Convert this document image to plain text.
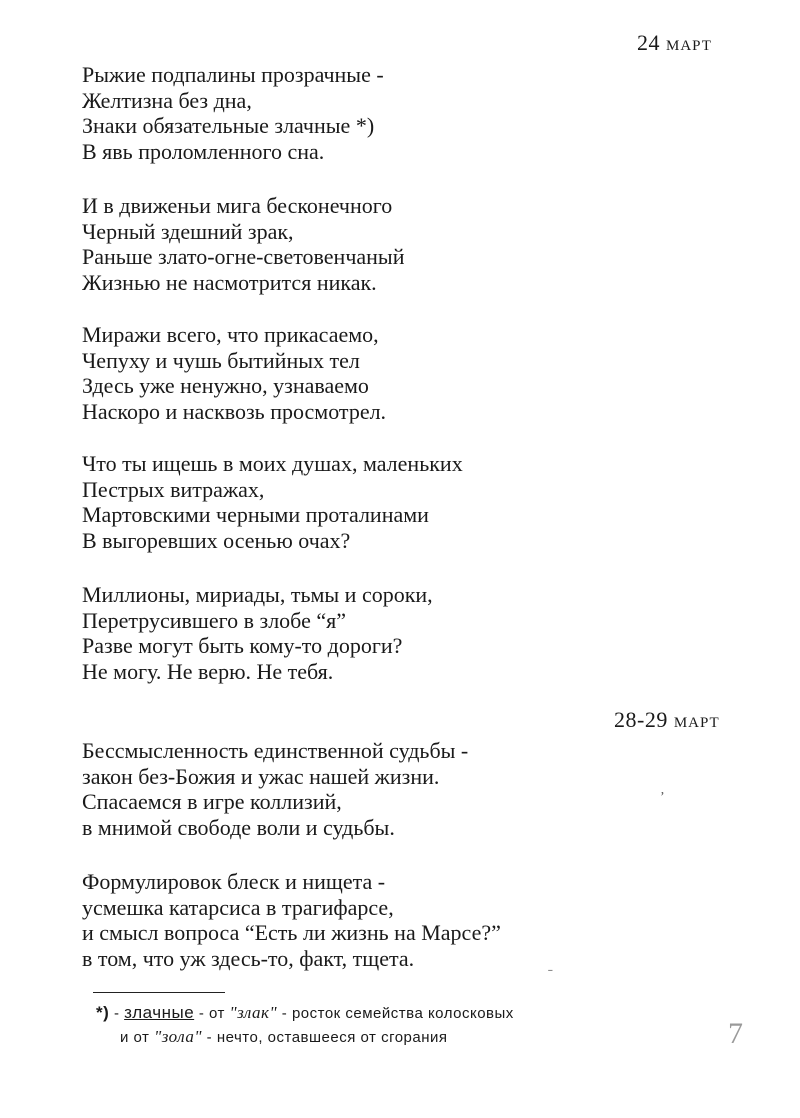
24 МАРТ
Рыжие подпалины прозрачные -
Желтизна без дна,
Знаки обязательные злачные *)
В явь проломленного сна.
И в движеньи мига бесконечного
Черный здешний зрак,
Раньше злато-огне-световенчаный
Жизнью не насмотрится никак.
Миражи всего, что прикасаемо,
Чепуху и чушь бытийных тел
Здесь уже ненужно, узнаваемо
Наскоро и насквозь просмотрел.
Что ты ищешь в моих душах, маленьких
Пестрых витражах,
Мартовскими черными проталинами
В выгоревших осенью очах?
Миллионы, мириады, тьмы и сороки,
Перетрусившего в злобе “я”
Разве могут быть кому-то дороги?
Не могу. Не верю. Не тебя.
28-29 МАРТ
Бессмысленность единственной судьбы -
закон без-Божия и ужас нашей жизни.
Спасаемся в игре коллизий,
в мнимой свободе воли и судьбы.
Формулировок блеск и нищета -
усмешка катарсиса в трагифарсе,
и смысл вопроса “Есть ли жизнь на Марсе?”
в том, что уж здесь-то, факт, тщета.
ʼ
ˍ
*) - злачные - от "злак" - росток семейства колосковых
и от "зола" - нечто, оставшееся от сгорания	7
